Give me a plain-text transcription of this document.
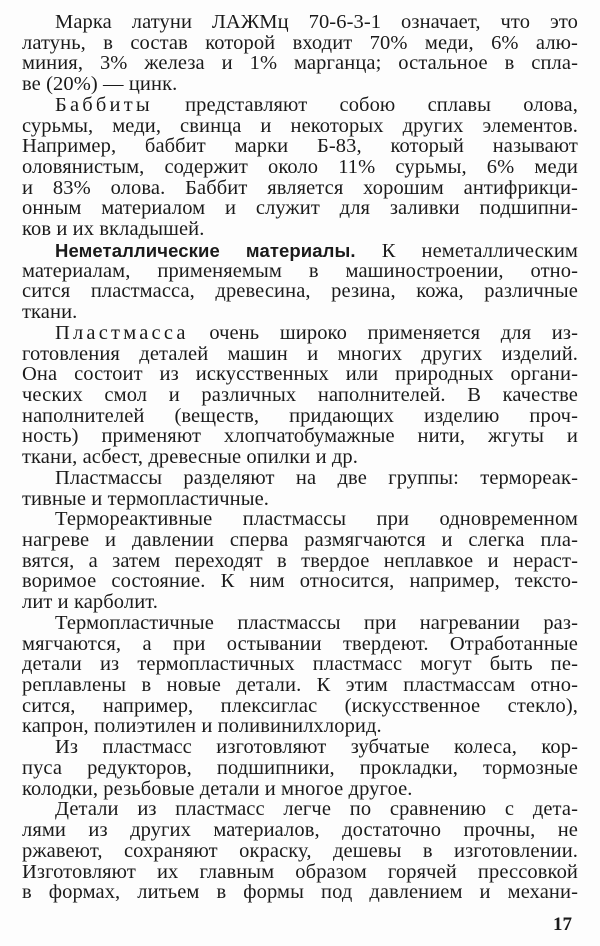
Марка латуни ЛАЖМц 70-6-3-1 означает, что это
латунь, в состав которой входит 70% меди, 6% алю-
миния, 3% железа и 1% марганца; остальное в спла-
ве (20%) — цинк.
Баббиты представляют собою сплавы олова,
сурьмы, меди, свинца и некоторых других элементов.
Например, баббит марки Б-83, который называют
оловянистым, содержит около 11% сурьмы, 6% меди
и 83% олова. Баббит является хорошим антифрикци-
онным материалом и служит для заливки подшипни-
ков и их вкладышей.
Неметаллические материалы. К неметаллическим
материалам, применяемым в машиностроении, отно-
сится пластмасса, древесина, резина, кожа, различные
ткани.
Пластмасса очень широко применяется для из-
готовления деталей машин и многих других изделий.
Она состоит из искусственных или природных органи-
ческих смол и различных наполнителей. В качестве
наполнителей (веществ, придающих изделию проч-
ность) применяют хлопчатобумажные нити, жгуты и
ткани, асбест, древесные опилки и др.
Пластмассы разделяют на две группы: термореак-
тивные и термопластичные.
Термореактивные пластмассы при одновременном
нагреве и давлении сперва размягчаются и слегка пла-
вятся, а затем переходят в твердое неплавкое и нераст-
воримое состояние. К ним относится, например, тексто-
лит и карболит.
Термопластичные пластмассы при нагревании раз-
мягчаются, а при остывании твердеют. Отработанные
детали из термопластичных пластмасс могут быть пе-
реплавлены в новые детали. К этим пластмассам отно-
сится, например, плексиглас (искусственное стекло),
капрон, полиэтилен и поливинилхлорид.
Из пластмасс изготовляют зубчатые колеса, кор-
пуса редукторов, подшипники, прокладки, тормозные
колодки, резьбовые детали и многое другое.
Детали из пластмасс легче по сравнению с дета-
лями из других материалов, достаточно прочны, не
ржавеют, сохраняют окраску, дешевы в изготовлении.
Изготовляют их главным образом горячей прессовкой
в формах, литьем в формы под давлением и механи-
17
